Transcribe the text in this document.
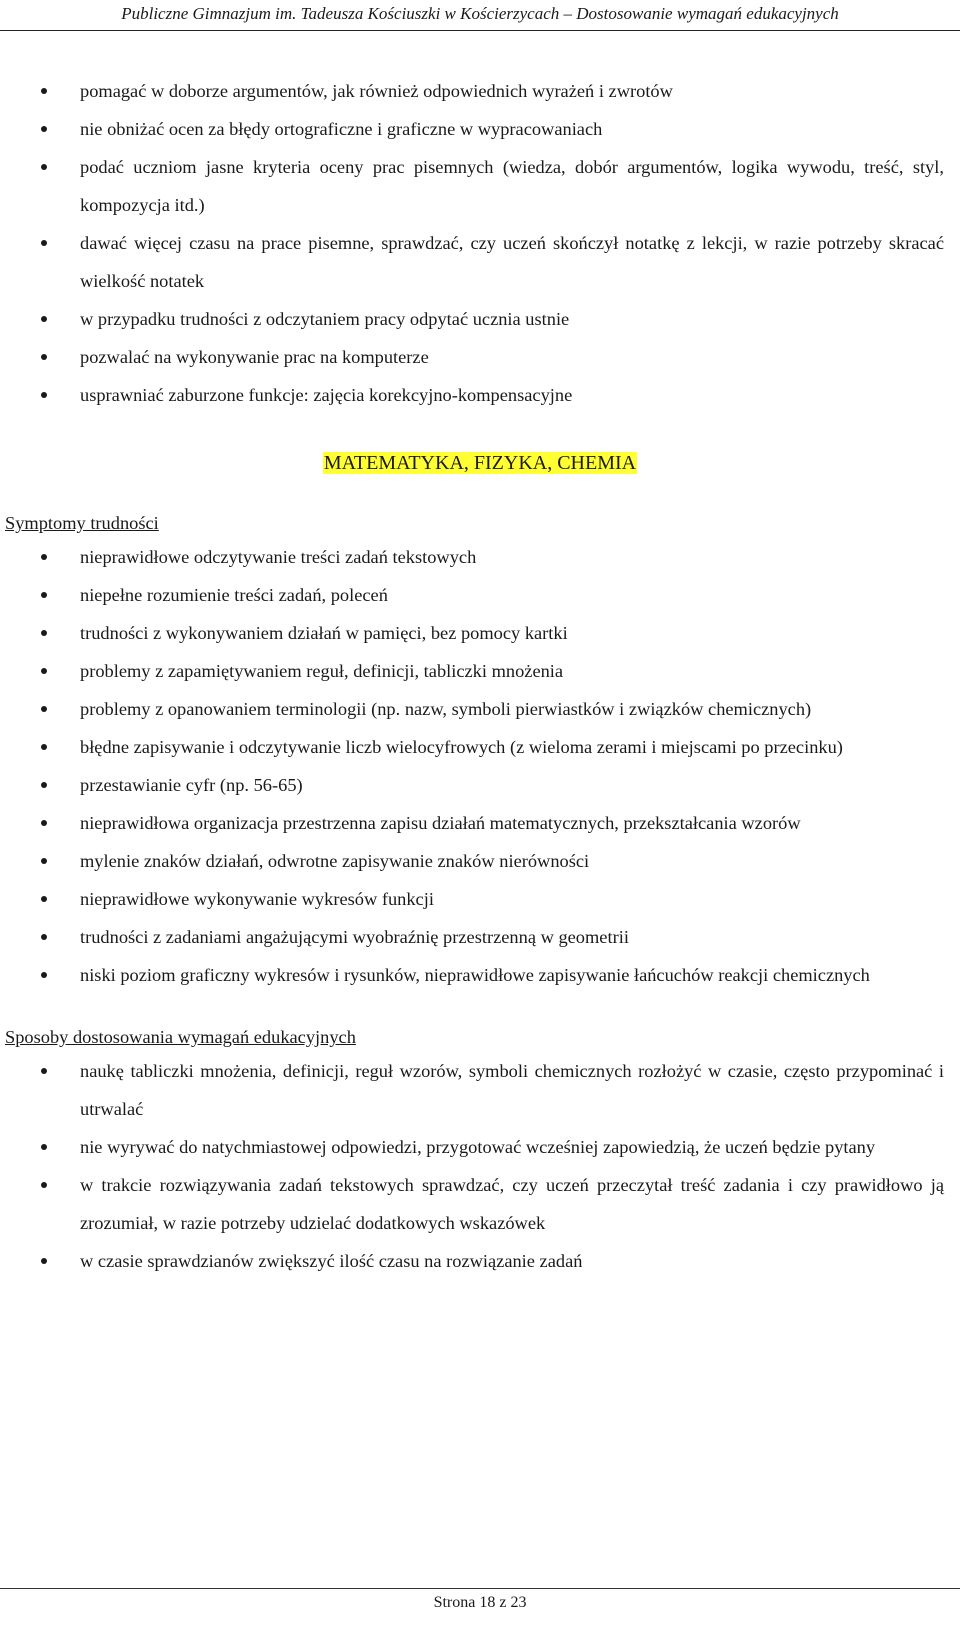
Publiczne Gimnazjum im. Tadeusza Kościuszki w Kościerzycach – Dostosowanie wymagań edukacyjnych
pomagać w doborze argumentów, jak również odpowiednich wyrażeń i zwrotów
nie obniżać ocen za błędy ortograficzne i graficzne w wypracowaniach
podać uczniom jasne kryteria oceny prac pisemnych (wiedza, dobór argumentów, logika wywodu, treść, styl, kompozycja itd.)
dawać więcej czasu na prace pisemne, sprawdzać, czy uczeń skończył notatkę z lekcji, w razie potrzeby skracać wielkość notatek
w przypadku trudności z odczytaniem pracy odpytać ucznia ustnie
pozwalać na wykonywanie prac na komputerze
usprawniać zaburzone funkcje: zajęcia korekcyjno-kompensacyjne
MATEMATYKA, FIZYKA, CHEMIA
Symptomy trudności
nieprawidłowe odczytywanie treści zadań tekstowych
niepełne rozumienie treści zadań, poleceń
trudności z wykonywaniem działań w pamięci, bez pomocy kartki
problemy z zapamiętywaniem reguł, definicji, tabliczki mnożenia
problemy z opanowaniem terminologii (np. nazw, symboli pierwiastków i związków chemicznych)
błędne zapisywanie i odczytywanie liczb wielocyfrowych (z wieloma zerami i miejscami po przecinku)
przestawianie cyfr (np. 56-65)
nieprawidłowa organizacja przestrzenna zapisu działań matematycznych, przekształcania wzorów
mylenie znaków działań, odwrotne zapisywanie znaków nierówności
nieprawidłowe wykonywanie wykresów funkcji
trudności z zadaniami angażującymi wyobraźnię przestrzenną w geometrii
niski poziom graficzny wykresów i rysunków, nieprawidłowe zapisywanie łańcuchów reakcji chemicznych
Sposoby dostosowania wymagań edukacyjnych
naukę tabliczki mnożenia, definicji, reguł wzorów, symboli chemicznych rozłożyć w czasie, często przypominać i utrwalać
nie wyrywać do natychmiastowej odpowiedzi, przygotować wcześniej zapowiedzią, że uczeń będzie pytany
w trakcie rozwiązywania zadań tekstowych sprawdzać, czy uczeń przeczytał treść zadania i czy prawidłowo ją zrozumiał, w razie potrzeby udzielać dodatkowych wskazówek
w czasie sprawdzianów zwiększyć ilość czasu na rozwiązanie zadań
Strona 18 z 23
